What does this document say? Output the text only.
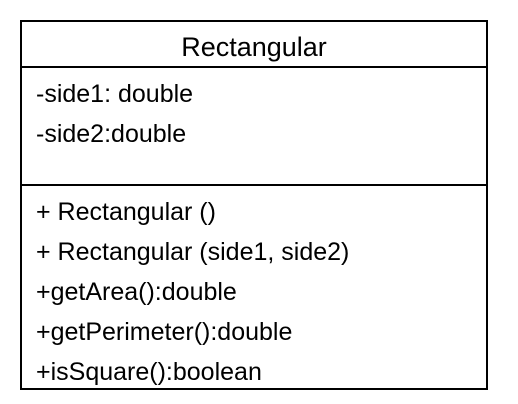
Rectangular
-side1: double
-side2:double
+ Rectangular ()
+ Rectangular (side1, side2)
+getArea():double
+getPerimeter():double
+isSquare():boolean
